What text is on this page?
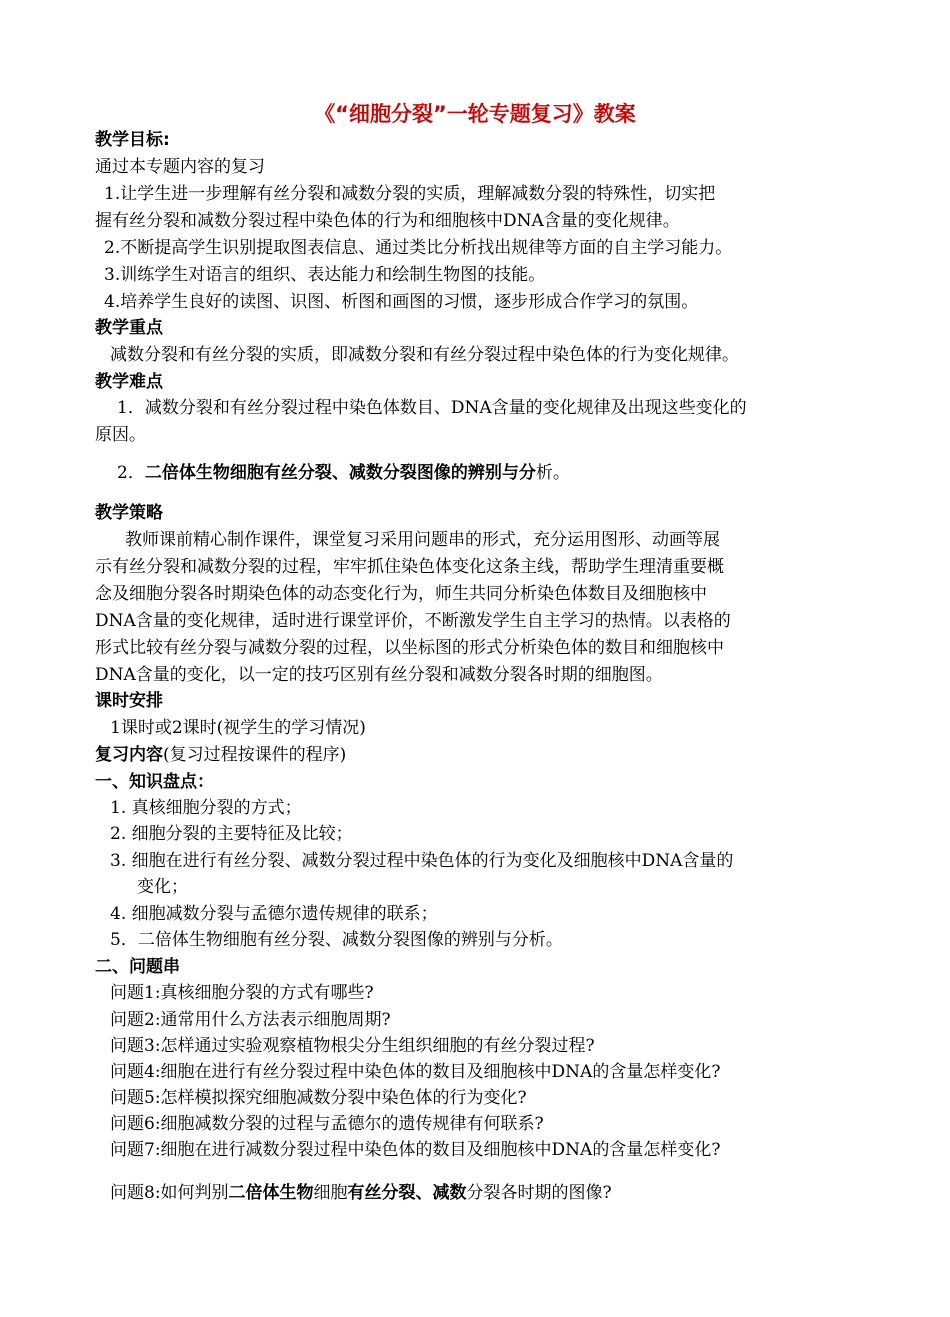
《“细胞分裂”一轮专题复习》教案
教学目标:
通过本专题内容的复习
1.让学生进一步理解有丝分裂和减数分裂的实质，理解减数分裂的特殊性，切实把
握有丝分裂和减数分裂过程中染色体的行为和细胞核中DNA含量的变化规律。
2.不断提高学生识别提取图表信息、通过类比分析找出规律等方面的自主学习能力。
3.训练学生对语言的组织、表达能力和绘制生物图的技能。
4.培养学生良好的读图、识图、析图和画图的习惯，逐步形成合作学习的氛围。
教学重点
减数分裂和有丝分裂的实质，即减数分裂和有丝分裂过程中染色体的行为变化规律。
教学难点
1．减数分裂和有丝分裂过程中染色体数目、DNA含量的变化规律及出现这些变化的
原因。
2．二倍体生物细胞有丝分裂、减数分裂图像的辨别与分析。
教学策略
教师课前精心制作课件，课堂复习采用问题串的形式，充分运用图形、动画等展
示有丝分裂和减数分裂的过程，牢牢抓住染色体变化这条主线，帮助学生理清重要概
念及细胞分裂各时期染色体的动态变化行为，师生共同分析染色体数目及细胞核中
DNA含量的变化规律，适时进行课堂评价，不断激发学生自主学习的热情。以表格的
形式比较有丝分裂与减数分裂的过程，以坐标图的形式分析染色体的数目和细胞核中
DNA含量的变化，以一定的技巧区别有丝分裂和减数分裂各时期的细胞图。
课时安排
1课时或2课时(视学生的学习情况)
复习内容(复习过程按课件的程序)
一、知识盘点：
1. 真核细胞分裂的方式；
2. 细胞分裂的主要特征及比较；
3. 细胞在进行有丝分裂、减数分裂过程中染色体的行为变化及细胞核中DNA含量的
变化；
4. 细胞减数分裂与孟德尔遗传规律的联系；
5．二倍体生物细胞有丝分裂、减数分裂图像的辨别与分析。
二、问题串
问题1:真核细胞分裂的方式有哪些?
问题2:通常用什么方法表示细胞周期?
问题3:怎样通过实验观察植物根尖分生组织细胞的有丝分裂过程?
问题4:细胞在进行有丝分裂过程中染色体的数目及细胞核中DNA的含量怎样变化?
问题5:怎样模拟探究细胞减数分裂中染色体的行为变化?
问题6:细胞减数分裂的过程与孟德尔的遗传规律有何联系?
问题7:细胞在进行减数分裂过程中染色体的数目及细胞核中DNA的含量怎样变化?
问题8:如何判别二倍体生物细胞有丝分裂、减数分裂各时期的图像?
